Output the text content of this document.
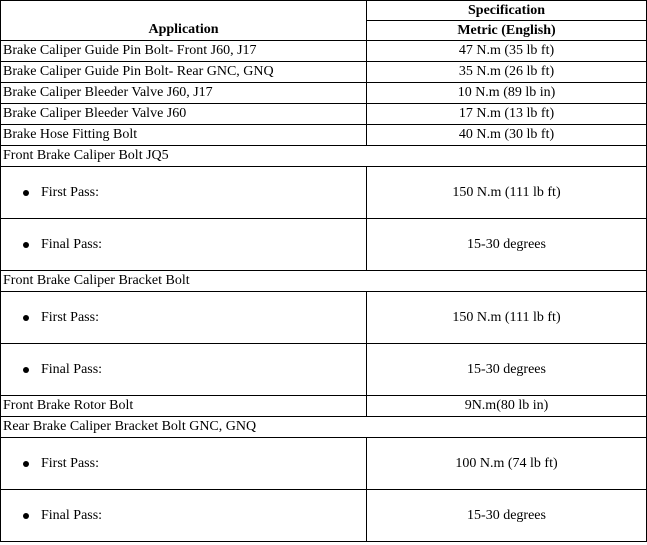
Application	Specification
	Metric (English)
Brake Caliper Guide Pin Bolt- Front J60, J17	47 N.m (35 lb ft)
Brake Caliper Guide Pin Bolt- Rear GNC, GNQ	35 N.m (26 lb ft)
Brake Caliper Bleeder Valve J60, J17	10 N.m (89 lb in)
Brake Caliper Bleeder Valve J60	17 N.m (13 lb ft)
Brake Hose Fitting Bolt	40 N.m (30 lb ft)
Front Brake Caliper Bolt JQ5	

First Pass:	150 N.m (111 lb ft)

Final Pass:	15-30 degrees
Front Brake Caliper Bracket Bolt	

First Pass:	150 N.m (111 lb ft)

Final Pass:	15-30 degrees
Front Brake Rotor Bolt	9N.m(80 lb in)
Rear Brake Caliper Bracket Bolt GNC, GNQ	

First Pass:	100 N.m (74 lb ft)

Final Pass:	15-30 degrees
